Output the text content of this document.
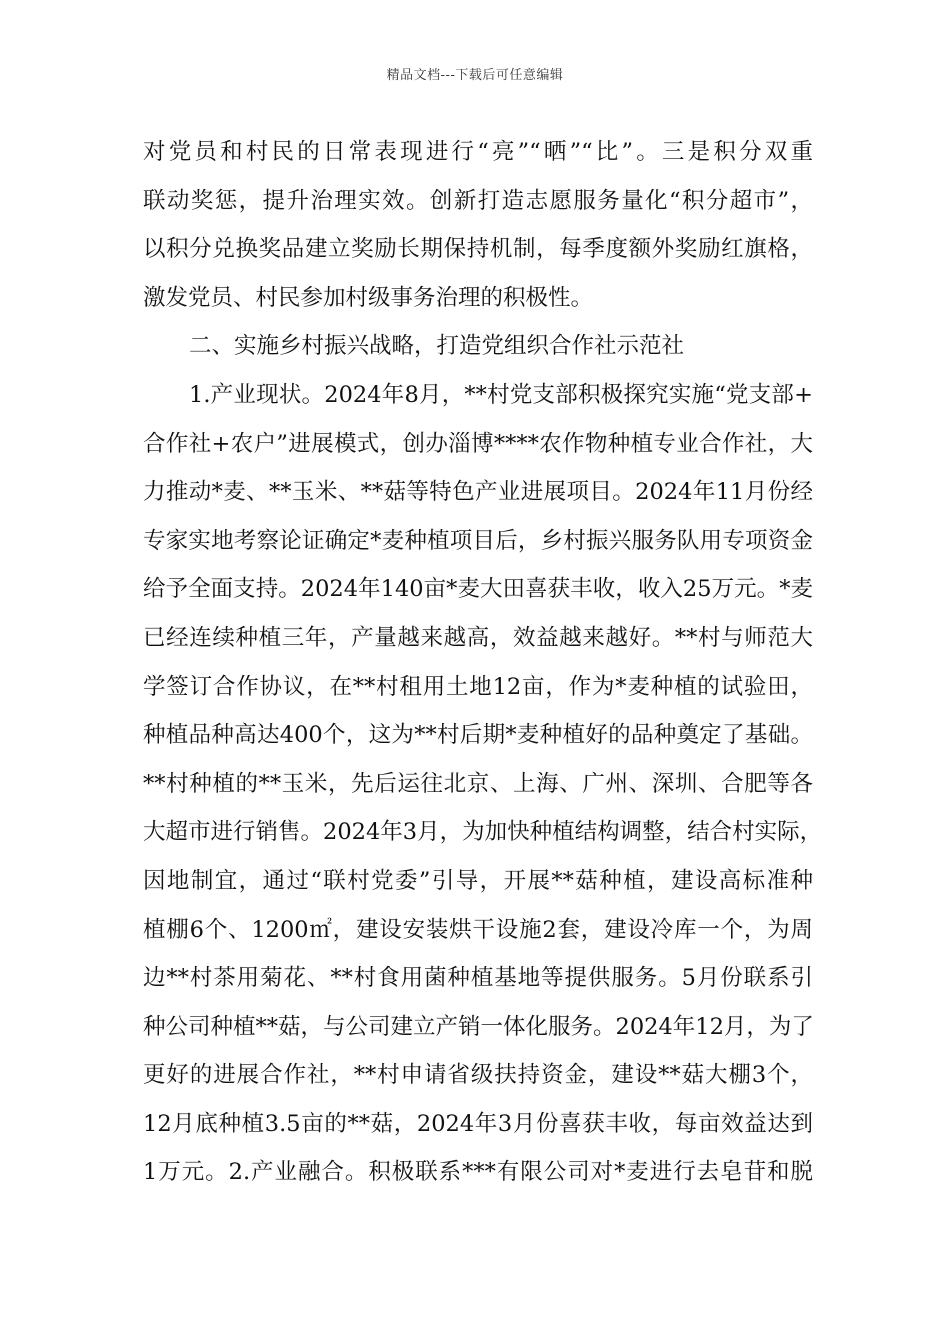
精品文档---下载后可任意编辑
对党员和村民的日常表现进行“亮”“晒”“比”。三是积分双重
联动奖惩，提升治理实效。创新打造志愿服务量化“积分超市”，
以积分兑换奖品建立奖励长期保持机制，每季度额外奖励红旗格，
激发党员、村民参加村级事务治理的积极性。
二、实施乡村振兴战略，打造党组织合作社示范社
1.产业现状。2024年8月，**村党支部积极探究实施“党支部+
合作社+农户”进展模式，创办淄博****农作物种植专业合作社，大
力推动*麦、**玉米、**菇等特色产业进展项目。2024年11月份经
专家实地考察论证确定*麦种植项目后，乡村振兴服务队用专项资金
给予全面支持。2024年140亩*麦大田喜获丰收，收入25万元。*麦
已经连续种植三年，产量越来越高，效益越来越好。**村与师范大
学签订合作协议，在**村租用土地12亩，作为*麦种植的试验田，
种植品种高达400个，这为**村后期*麦种植好的品种奠定了基础。
**村种植的**玉米，先后运往北京、上海、广州、深圳、合肥等各
大超市进行销售。2024年3月，为加快种植结构调整，结合村实际，
因地制宜，通过“联村党委”引导，开展**菇种植，建设高标准种
植棚6个、1200㎡，建设安装烘干设施2套，建设冷库一个，为周
边**村茶用菊花、**村食用菌种植基地等提供服务。5月份联系引
种公司种植**菇，与公司建立产销一体化服务。2024年12月，为了
更好的进展合作社，**村申请省级扶持资金，建设**菇大棚3个，
12月底种植3.5亩的**菇，2024年3月份喜获丰收，每亩效益达到
1万元。2.产业融合。积极联系***有限公司对*麦进行去皂苷和脱
